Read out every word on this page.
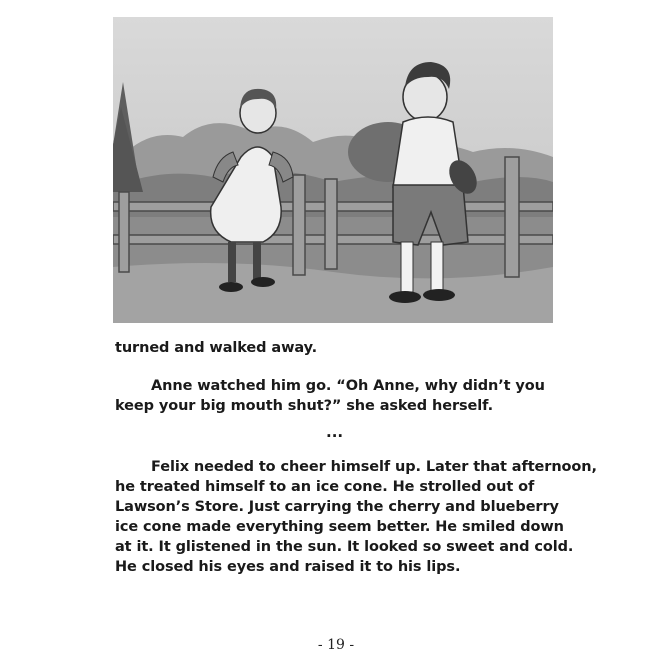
turned and walked away.

Anne watched him go. “Oh Anne, why didn’t you
keep your big mouth shut?” she asked herself.

...

Felix needed to cheer himself up. Later that afternoon,
he treated himself to an ice cone. He strolled out of
Lawson’s Store. Just carrying the cherry and blueberry
ice cone made everything seem better. He smiled down
at it. It glistened in the sun. It looked so sweet and cold.
He closed his eyes and raised it to his lips.

- 19 -
